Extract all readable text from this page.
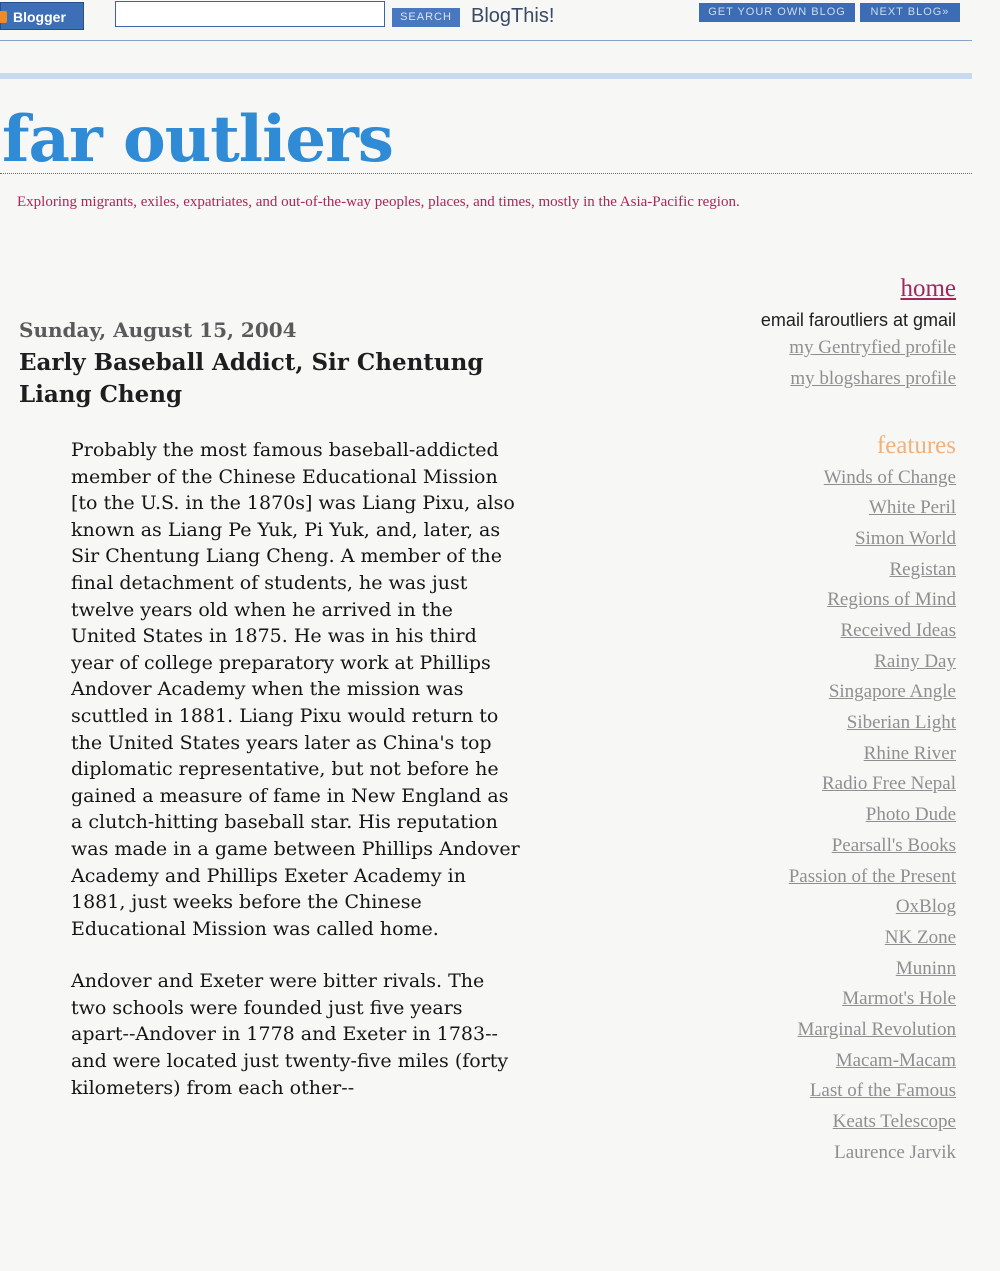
Blogger	SEARCH BlogThis!	GET YOUR OWN BLOG	NEXT BLOG»
far outliers
Exploring migrants, exiles, expatriates, and out-of-the-way peoples, places, and times, mostly in the Asia-Pacific region.
Sunday, August 15, 2004
Early Baseball Addict, Sir Chentung Liang Cheng

Probably the most famous baseball-addicted member of the Chinese Educational Mission [to the U.S. in the 1870s] was Liang Pixu, also known as Liang Pe Yuk, Pi Yuk, and, later, as Sir Chentung Liang Cheng. A member of the final detachment of students, he was just twelve years old when he arrived in the United States in 1875. He was in his third year of college preparatory work at Phillips Andover Academy when the mission was scuttled in 1881. Liang Pixu would return to the United States years later as China's top diplomatic representative, but not before he gained a measure of fame in New England as a clutch-hitting baseball star. His reputation was made in a game between Phillips Andover Academy and Phillips Exeter Academy in 1881, just weeks before the Chinese Educational Mission was called home.

Andover and Exeter were bitter rivals. The two schools were founded just five years apart--Andover in 1778 and Exeter in 1783--and were located just twenty-five miles (forty kilometers) from each other--

home
email faroutliers at gmail
my Gentryfied profile
my blogshares profile
features
Winds of Change
White Peril
Simon World
Registan
Regions of Mind
Received Ideas
Rainy Day
Singapore Angle
Siberian Light
Rhine River
Radio Free Nepal
Photo Dude
Pearsall's Books
Passion of the Present
OxBlog
NK Zone
Muninn
Marmot's Hole
Marginal Revolution
Macam-Macam
Last of the Famous
Keats Telescope
Laurence Jarvik
